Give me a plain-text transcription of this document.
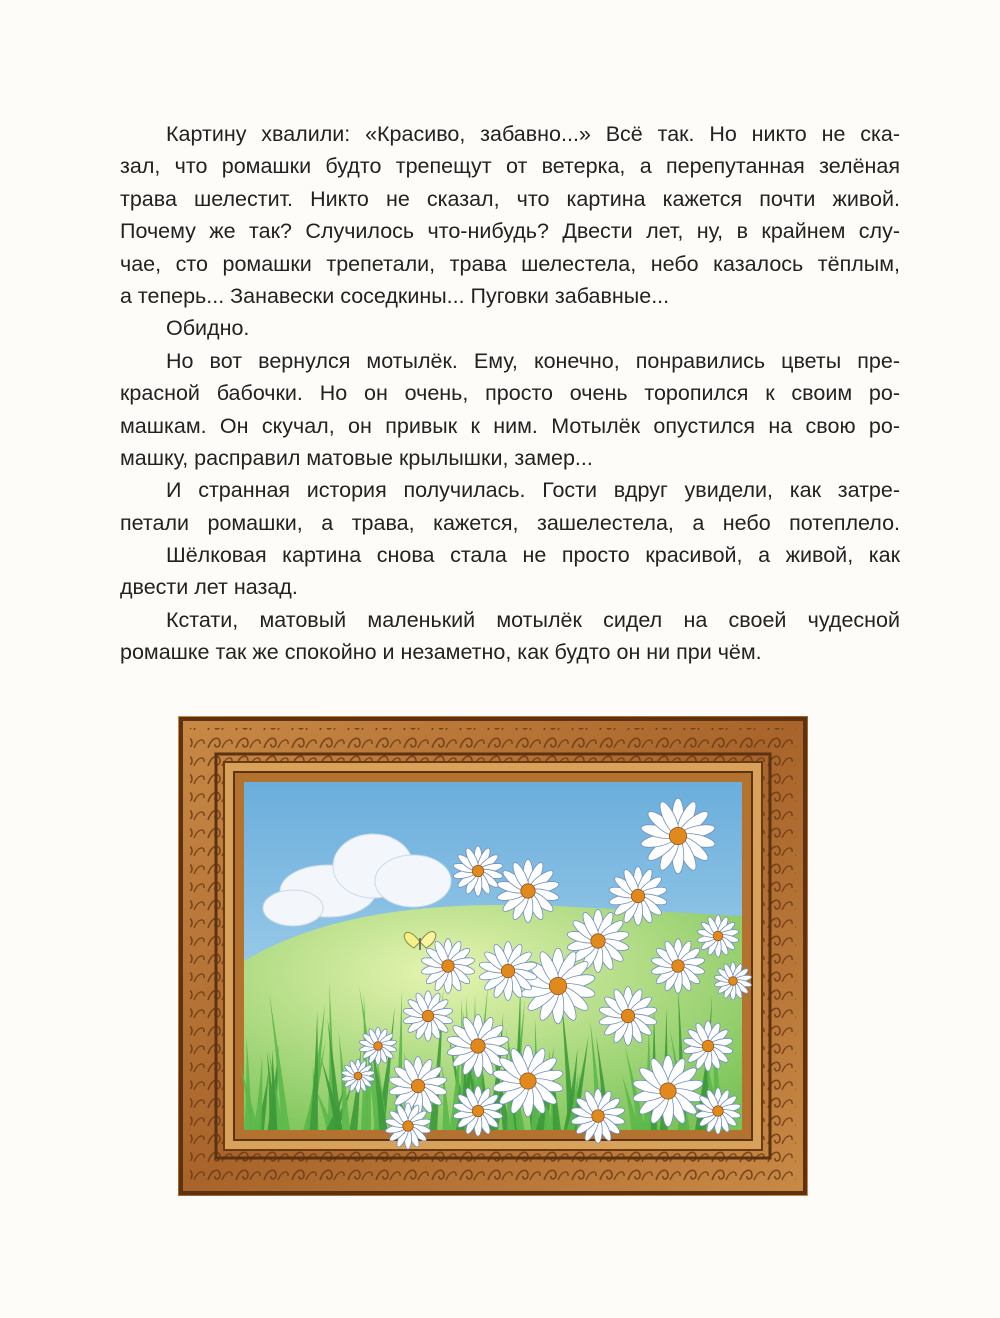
Картину хвалили: «Красиво, забавно...» Всё так. Но никто не ска-
зал, что ромашки будто трепещут от ветерка, а перепутанная зелёная
трава шелестит. Никто не сказал, что картина кажется почти живой.
Почему же так? Случилось что-нибудь? Двести лет, ну, в крайнем слу-
чае, сто ромашки трепетали, трава шелестела, небо казалось тёплым,
а теперь... Занавески соседкины... Пуговки забавные...
Обидно.
Но вот вернулся мотылёк. Ему, конечно, понравились цветы пре-
красной бабочки. Но он очень, просто очень торопился к своим ро-
машкам. Он скучал, он привык к ним. Мотылёк опустился на свою ро-
машку, расправил матовые крылышки, замер...
И странная история получилась. Гости вдруг увидели, как затре-
петали ромашки, а трава, кажется, зашелестела, а небо потеплело.
Шёлковая картина снова стала не просто красивой, а живой, как
двести лет назад.
Кстати, матовый маленький мотылёк сидел на своей чудесной
ромашке так же спокойно и незаметно, как будто он ни при чём.
